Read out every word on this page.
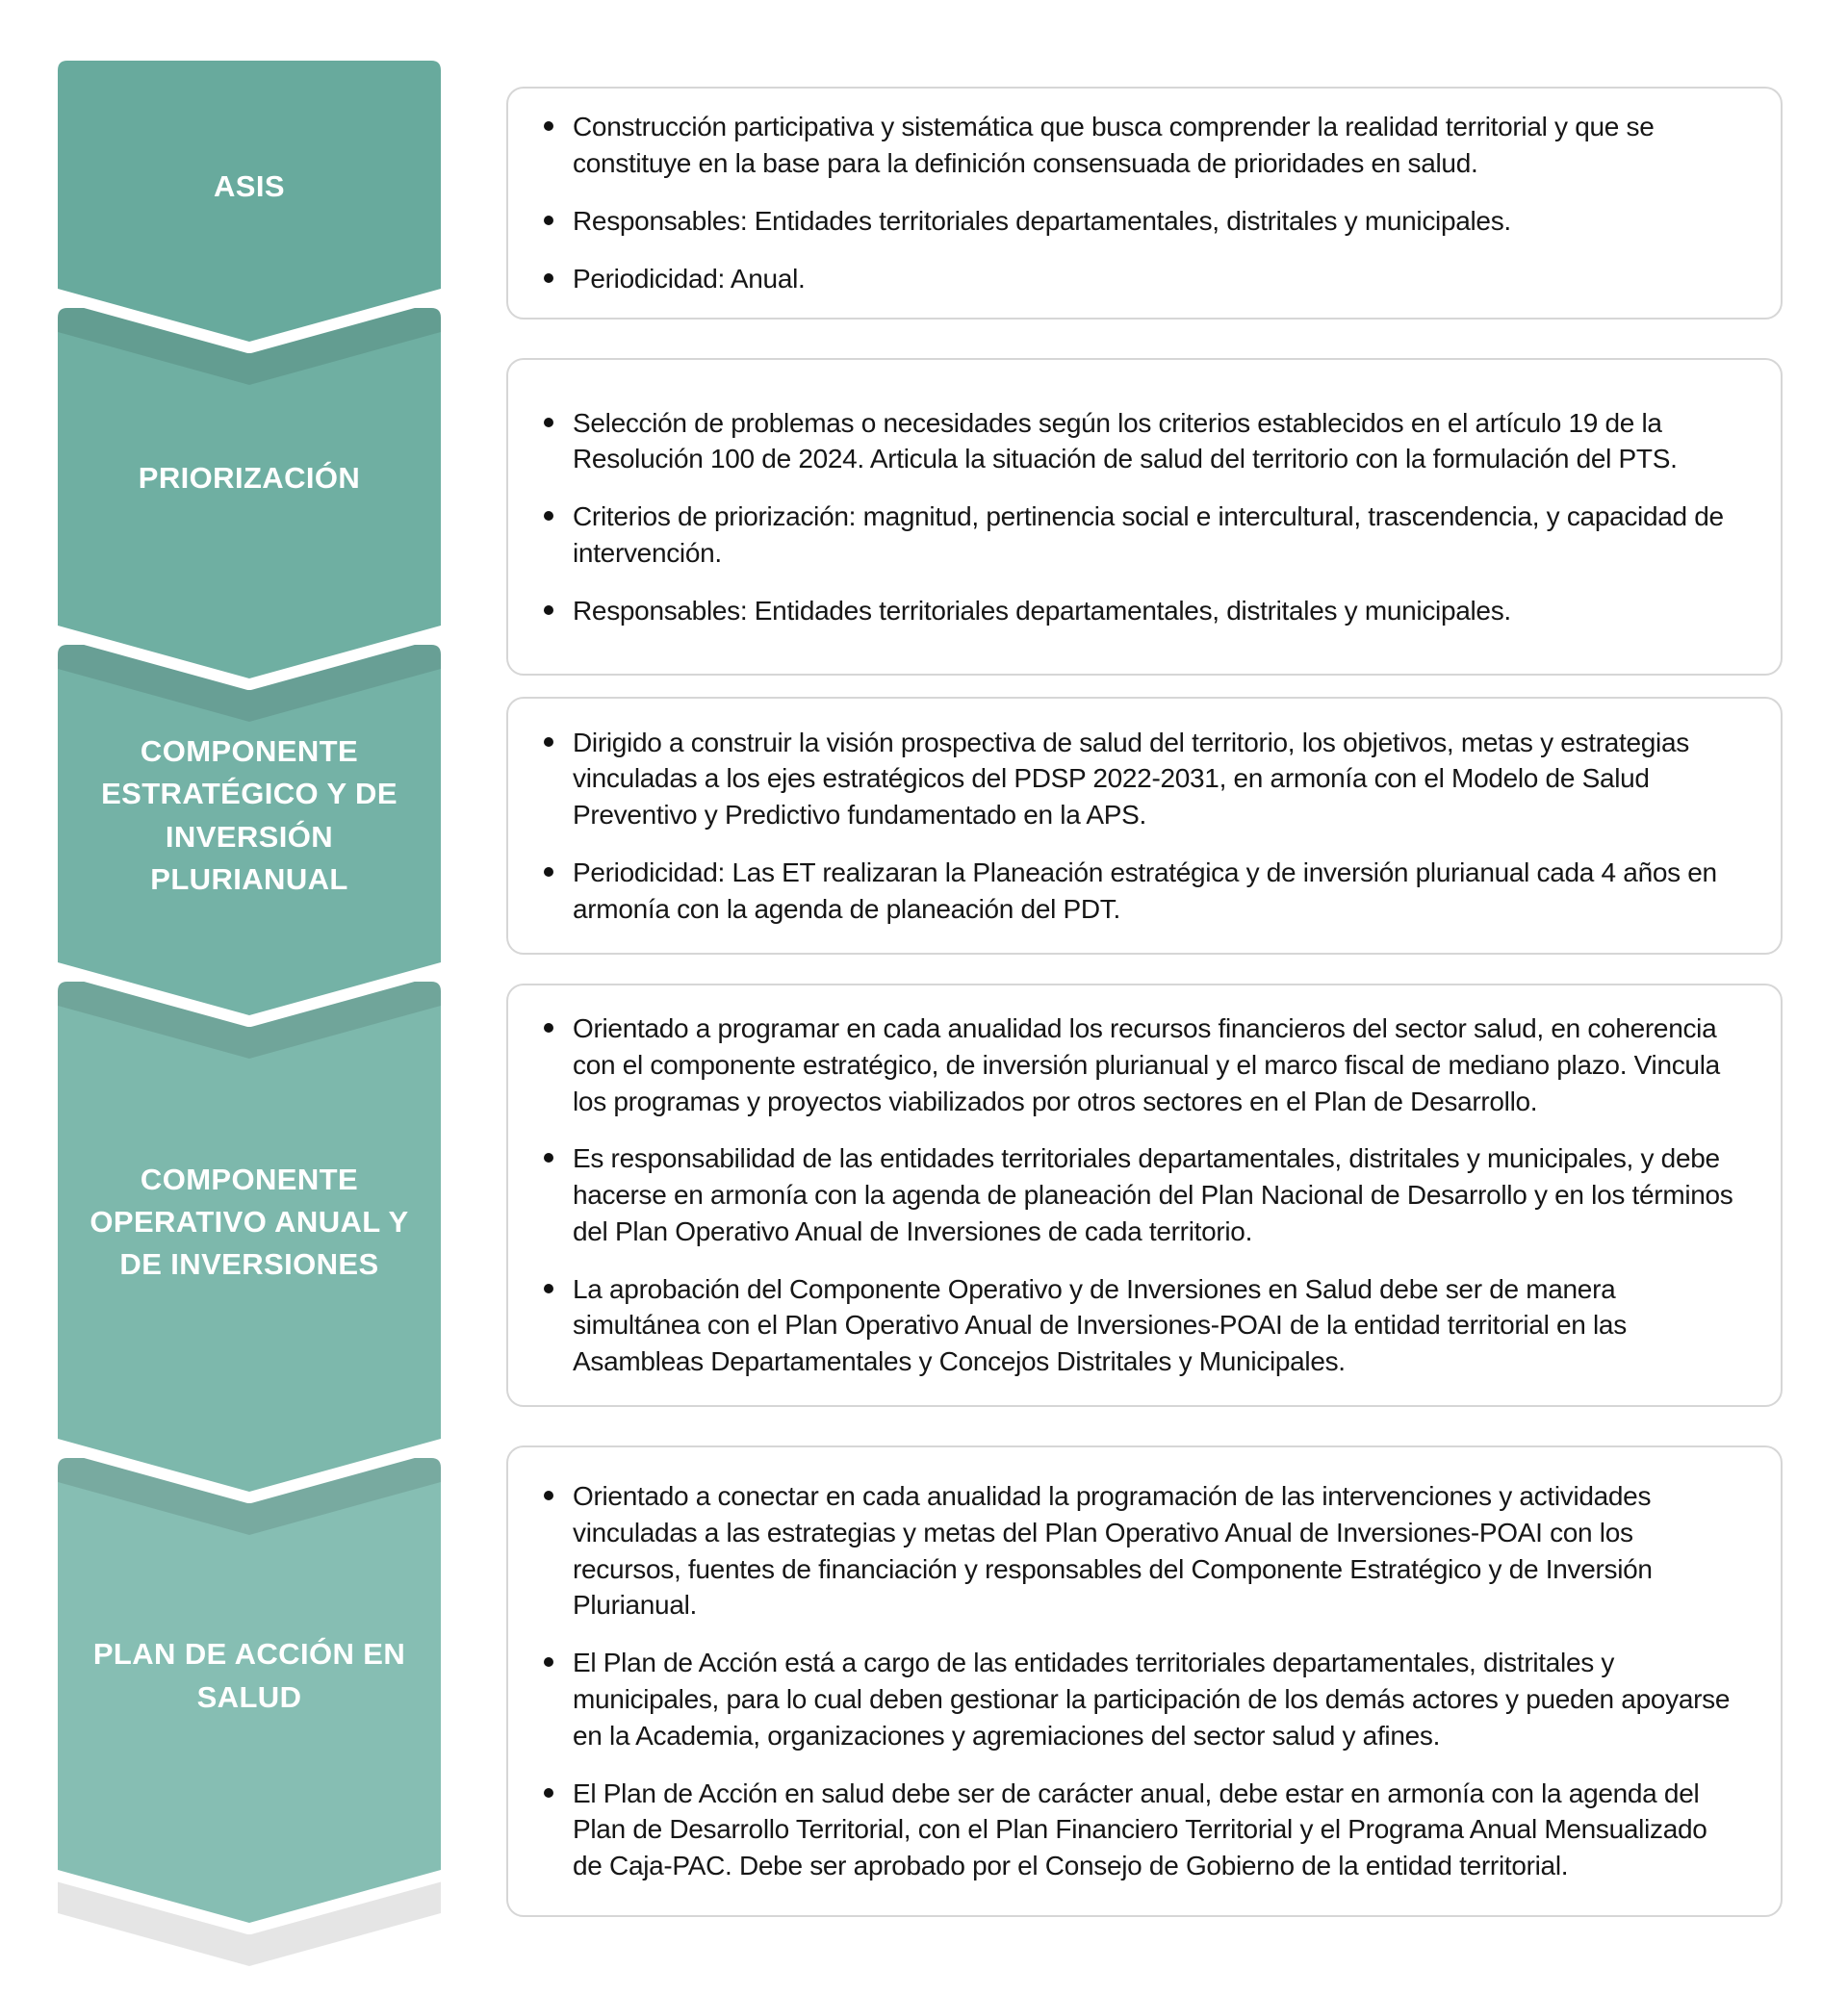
ASIS
PRIORIZACIÓN
COMPONENTE ESTRATÉGICO Y DE INVERSIÓN PLURIANUAL
COMPONENTE OPERATIVO ANUAL Y DE INVERSIONES
PLAN DE ACCIÓN EN SALUD
Construcción participativa y sistemática que busca comprender la realidad territorial y que se constituye en la base para la definición consensuada de prioridades en salud.
Responsables: Entidades territoriales departamentales, distritales y municipales.
Periodicidad: Anual.
Selección de problemas o necesidades según los criterios establecidos en el artículo 19 de la Resolución 100 de 2024. Articula la situación de salud del territorio con la formulación del PTS.
Criterios de priorización: magnitud, pertinencia social e intercultural, trascendencia, y capacidad de intervención.
Responsables: Entidades territoriales departamentales, distritales y municipales.
Dirigido a construir la visión prospectiva de salud del territorio, los objetivos, metas y estrategias vinculadas a los ejes estratégicos del PDSP 2022-2031, en armonía con el Modelo de Salud Preventivo y Predictivo fundamentado en la APS.
Periodicidad: Las ET realizaran la Planeación estratégica y de inversión plurianual cada 4 años en armonía con la agenda de planeación del PDT.
Orientado a programar en cada anualidad los recursos financieros del sector salud, en coherencia con el componente estratégico, de inversión plurianual y el marco fiscal de mediano plazo. Vincula los programas y proyectos viabilizados por otros sectores en el Plan de Desarrollo.
Es responsabilidad de las entidades territoriales departamentales, distritales y municipales, y debe hacerse en armonía con la agenda de planeación del Plan Nacional de Desarrollo y en los términos del Plan Operativo Anual de Inversiones de cada territorio.
La aprobación del Componente Operativo y de Inversiones en Salud debe ser de manera simultánea con el Plan Operativo Anual de Inversiones-POAI de la entidad territorial en las Asambleas Departamentales y Concejos Distritales y Municipales.
Orientado a conectar en cada anualidad la programación de las intervenciones y actividades vinculadas a las estrategias y metas del Plan Operativo Anual de Inversiones-POAI con los recursos, fuentes de financiación y responsables del Componente Estratégico y de Inversión Plurianual.
El Plan de Acción está a cargo de las entidades territoriales departamentales, distritales y municipales, para lo cual deben gestionar la participación de los demás actores y pueden apoyarse en la Academia, organizaciones y agremiaciones del sector salud y afines.
El Plan de Acción en salud debe ser de carácter anual, debe estar en armonía con la agenda del Plan de Desarrollo Territorial, con el Plan Financiero Territorial y el Programa Anual Mensualizado de Caja-PAC. Debe ser aprobado por el Consejo de Gobierno de la entidad territorial.
